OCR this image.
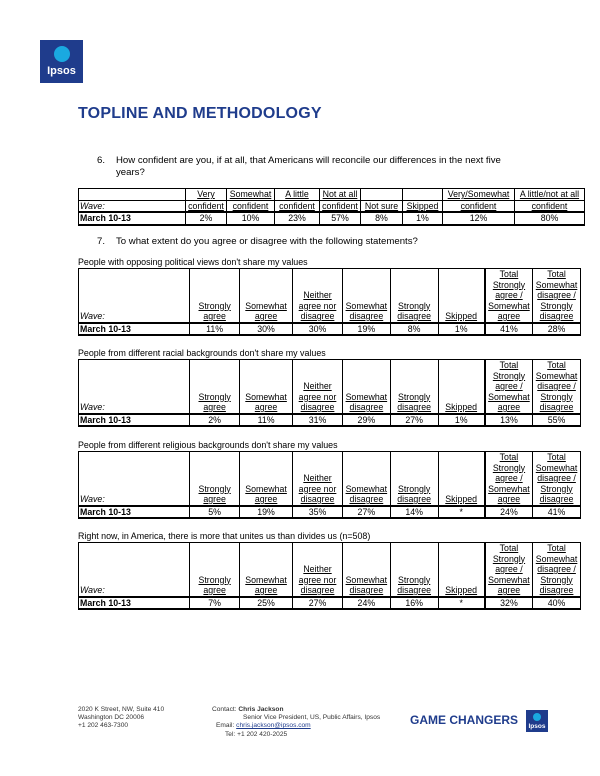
Ipsos
TOPLINE AND METHODOLOGY
6. How confident are you, if at all, that Americans will reconcile our differences in the next five
years?
	Very	Somewhat	A little	Not at all			Very/Somewhat	A little/not at all
Wave:	confident	confident	confident	confident	Not sure	Skipped	confident	confident
March 10-13	2%	10%	23%	57%	8%	1%	12%	80%
7. To what extent do you agree or disagree with the following statements?
People with opposing political views don't share my values
							Total	Total
							Strongly	Somewhat
			Neither				agree /	disagree /
	Strongly	Somewhat	agree nor	Somewhat	Strongly		Somewhat	Strongly
Wave:	agree	agree	disagree	disagree	disagree	Skipped	agree	disagree
March 10-13	11%	30%	30%	19%	8%	1%	41%	28%
People from different racial backgrounds don't share my values
							Total	Total
							Strongly	Somewhat
			Neither				agree /	disagree /
	Strongly	Somewhat	agree nor	Somewhat	Strongly		Somewhat	Strongly
Wave:	agree	agree	disagree	disagree	disagree	Skipped	agree	disagree
March 10-13	2%	11%	31%	29%	27%	1%	13%	55%
People from different religious backgrounds don't share my values
							Total	Total
							Strongly	Somewhat
			Neither				agree /	disagree /
	Strongly	Somewhat	agree nor	Somewhat	Strongly		Somewhat	Strongly
Wave:	agree	agree	disagree	disagree	disagree	Skipped	agree	disagree
March 10-13	5%	19%	35%	27%	14%	*	24%	41%
Right now, in America, there is more that unites us than divides us (n=508)
							Total	Total
							Strongly	Somewhat
			Neither				agree /	disagree /
	Strongly	Somewhat	agree nor	Somewhat	Strongly		Somewhat	Strongly
Wave:	agree	agree	disagree	disagree	disagree	Skipped	agree	disagree
March 10-13	7%	25%	27%	24%	16%	*	32%	40%
2020 K Street, NW, Suite 410
Washington DC 20006
+1 202 463-7300
Contact: Chris Jackson
Senior Vice President, US, Public Affairs, Ipsos
Email: chris.jackson@ipsos.com
Tel: +1 202 420-2025
GAME CHANGERS Ipsos
